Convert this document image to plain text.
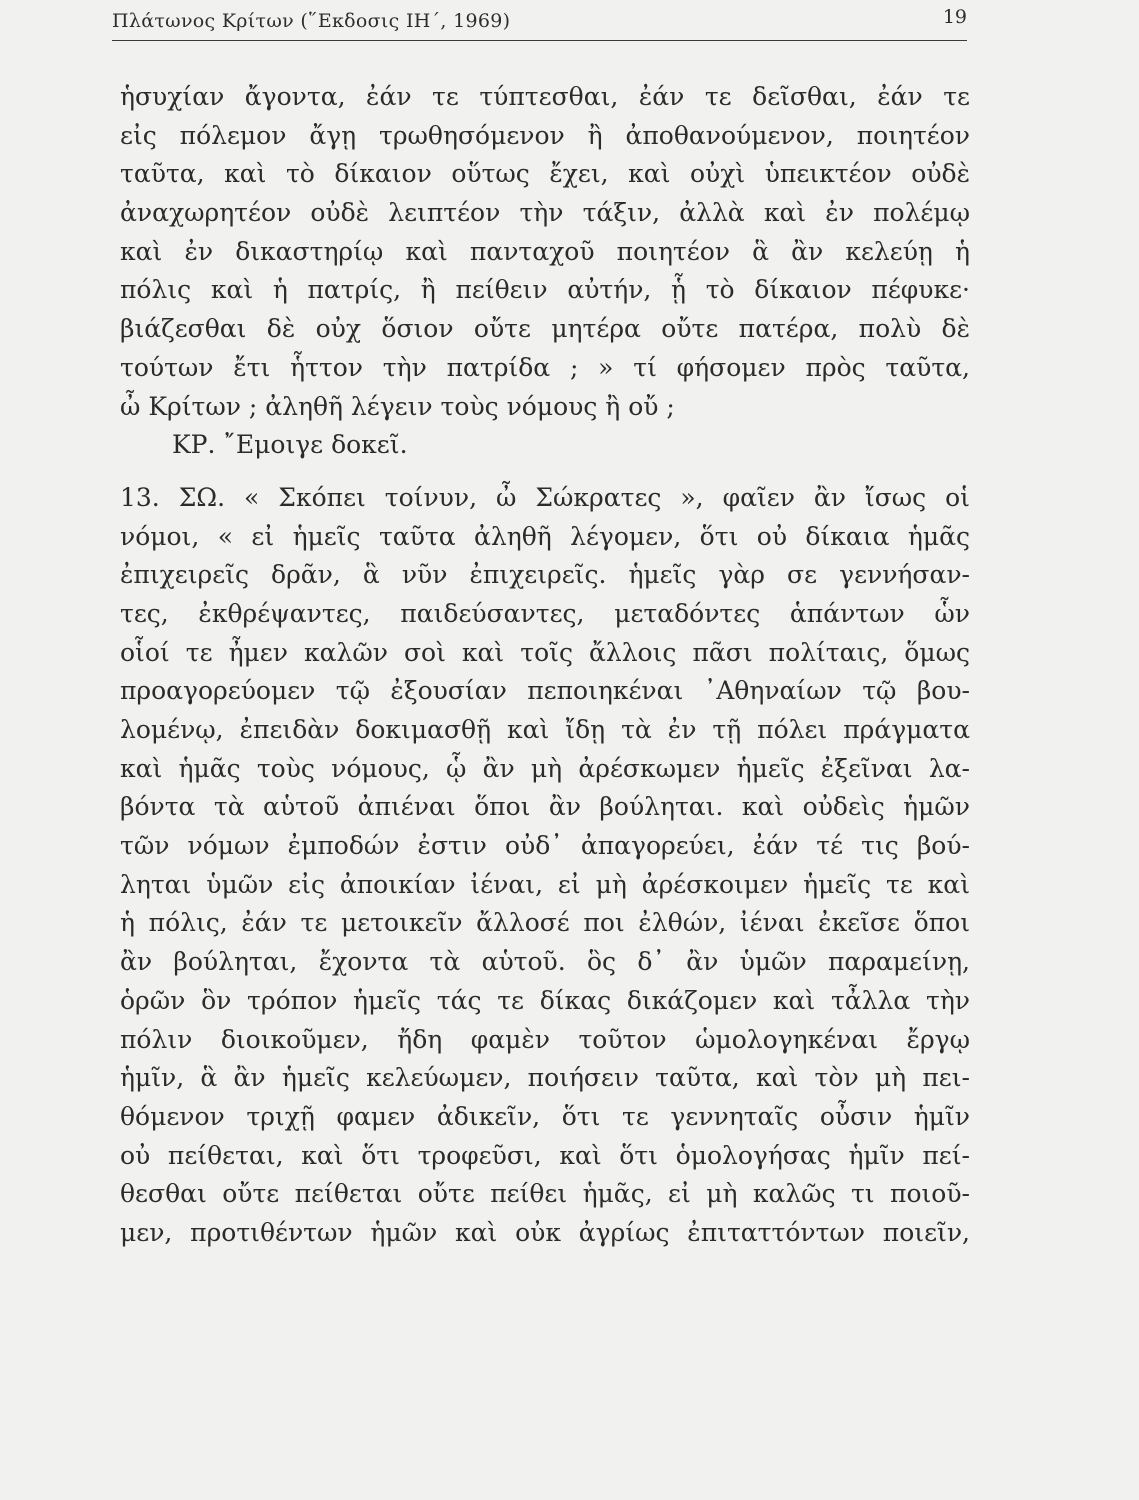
Πλάτωνος Κρίτων (῞Εκδοσις ΙΗ΄, 1969)	19
ἡσυχίαν ἄγοντα, ἐάν τε τύπτεσθαι, ἐάν τε δεῖσθαι, ἐάν τε
εἰς πόλεμον ἄγῃ τρωθησόμενον ἢ ἀποθανούμενον, ποιητέον
ταῦτα, καὶ τὸ δίκαιον οὕτως ἔχει, καὶ οὐχὶ ὑπεικτέον οὐδὲ
ἀναχωρητέον οὐδὲ λειπτέον τὴν τάξιν, ἀλλὰ καὶ ἐν πολέμῳ
καὶ ἐν δικαστηρίῳ καὶ πανταχοῦ ποιητέον ἃ ἂν κελεύῃ ἡ
πόλις καὶ ἡ πατρίς, ἢ πείθειν αὐτήν, ᾗ τὸ δίκαιον πέφυκε·
βιάζεσθαι δὲ οὐχ ὅσιον οὔτε μητέρα οὔτε πατέρα, πολὺ δὲ
τούτων ἔτι ἧττον τὴν πατρίδα ; » τί φήσομεν πρὸς ταῦτα,
ὦ Κρίτων ; ἀληθῆ λέγειν τοὺς νόμους ἢ οὔ ;
ΚΡ. ῎Εμοιγε δοκεῖ.
13. ΣΩ. « Σκόπει τοίνυν, ὦ Σώκρατες », φαῖεν ἂν ἴσως οἱ
νόμοι, « εἰ ἡμεῖς ταῦτα ἀληθῆ λέγομεν, ὅτι οὐ δίκαια ἡμᾶς
ἐπιχειρεῖς δρᾶν, ἃ νῦν ἐπιχειρεῖς. ἡμεῖς γὰρ σε γεννήσαν-
τες, ἐκθρέψαντες, παιδεύσαντες, μεταδόντες ἁπάντων ὧν
οἷοί τε ἦμεν καλῶν σοὶ καὶ τοῖς ἄλλοις πᾶσι πολίταις, ὅμως
προαγορεύομεν τῷ ἐξουσίαν πεποιηκέναι ᾿Αθηναίων τῷ βου-
λομένῳ, ἐπειδὰν δοκιμασθῇ καὶ ἴδῃ τὰ ἐν τῇ πόλει πράγματα
καὶ ἡμᾶς τοὺς νόμους, ᾧ ἂν μὴ ἀρέσκωμεν ἡμεῖς ἐξεῖναι λα-
βόντα τὰ αὑτοῦ ἀπιέναι ὅποι ἂν βούληται. καὶ οὐδεὶς ἡμῶν
τῶν νόμων ἐμποδών ἐστιν οὐδ᾽ ἀπαγορεύει, ἐάν τέ τις βού-
ληται ὑμῶν εἰς ἀποικίαν ἰέναι, εἰ μὴ ἀρέσκοιμεν ἡμεῖς τε καὶ
ἡ πόλις, ἐάν τε μετοικεῖν ἄλλοσέ ποι ἐλθών, ἰέναι ἐκεῖσε ὅποι
ἂν βούληται, ἔχοντα τὰ αὑτοῦ. ὃς δ᾽ ἂν ὑμῶν παραμείνῃ,
ὁρῶν ὃν τρόπον ἡμεῖς τάς τε δίκας δικάζομεν καὶ τἆλλα τὴν
πόλιν διοικοῦμεν, ἤδη φαμὲν τοῦτον ὡμολογηκέναι ἔργῳ
ἡμῖν, ἃ ἂν ἡμεῖς κελεύωμεν, ποιήσειν ταῦτα, καὶ τὸν μὴ πει-
θόμενον τριχῇ φαμεν ἀδικεῖν, ὅτι τε γεννηταῖς οὖσιν ἡμῖν
οὐ πείθεται, καὶ ὅτι τροφεῦσι, καὶ ὅτι ὁμολογήσας ἡμῖν πεί-
θεσθαι οὔτε πείθεται οὔτε πείθει ἡμᾶς, εἰ μὴ καλῶς τι ποιοῦ-
μεν, προτιθέντων ἡμῶν καὶ οὐκ ἀγρίως ἐπιταττόντων ποιεῖν,
